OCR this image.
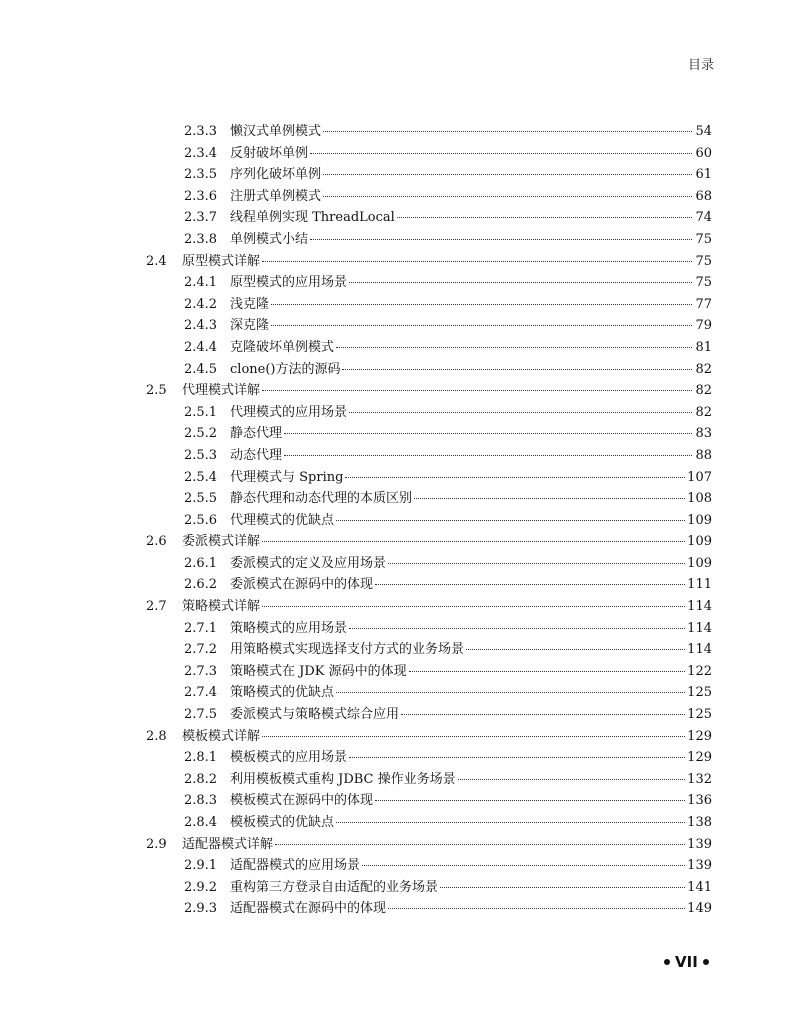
目录
2.3.3 懒汉式单例模式	54
2.3.4 反射破坏单例	60
2.3.5 序列化破坏单例	61
2.3.6 注册式单例模式	68
2.3.7 线程单例实现 ThreadLocal	74
2.3.8 单例模式小结	75
2.4	原型模式详解	75
2.4.1 原型模式的应用场景	75
2.4.2 浅克隆	77
2.4.3 深克隆	79
2.4.4 克隆破坏单例模式	81
2.4.5 clone()方法的源码	82
2.5	代理模式详解	82
2.5.1 代理模式的应用场景	82
2.5.2 静态代理	83
2.5.3 动态代理	88
2.5.4 代理模式与 Spring	107
2.5.5 静态代理和动态代理的本质区别	108
2.5.6 代理模式的优缺点	109
2.6	委派模式详解	109
2.6.1 委派模式的定义及应用场景	109
2.6.2 委派模式在源码中的体现	111
2.7	策略模式详解	114
2.7.1 策略模式的应用场景	114
2.7.2 用策略模式实现选择支付方式的业务场景	114
2.7.3 策略模式在 JDK 源码中的体现	122
2.7.4 策略模式的优缺点	125
2.7.5 委派模式与策略模式综合应用	125
2.8	模板模式详解	129
2.8.1 模板模式的应用场景	129
2.8.2 利用模板模式重构 JDBC 操作业务场景	132
2.8.3 模板模式在源码中的体现	136
2.8.4 模板模式的优缺点	138
2.9	适配器模式详解	139
2.9.1 适配器模式的应用场景	139
2.9.2 重构第三方登录自由适配的业务场景	141
2.9.3 适配器模式在源码中的体现	149
VII
